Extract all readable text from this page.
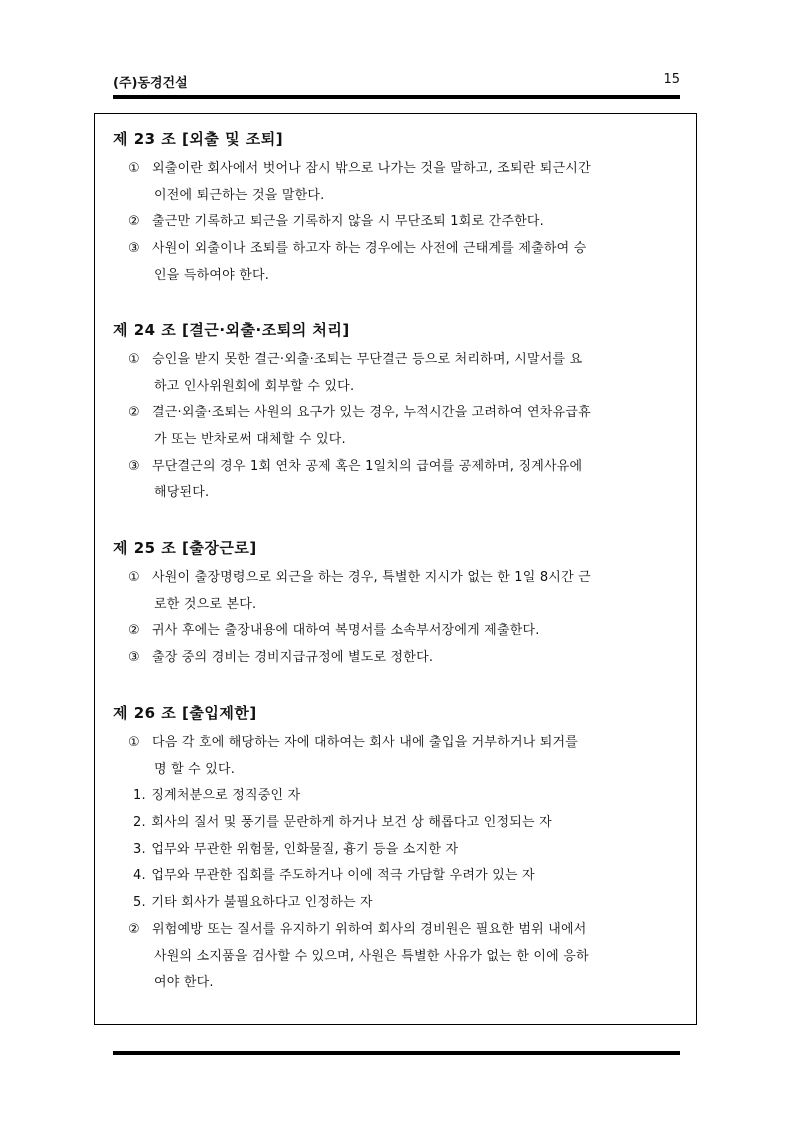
(주)동경건설	15
제 23 조 [외출 및 조퇴]
① 외출이란 회사에서 벗어나 잠시 밖으로 나가는 것을 말하고, 조퇴란 퇴근시간
이전에 퇴근하는 것을 말한다.
② 출근만 기록하고 퇴근을 기록하지 않을 시 무단조퇴 1회로 간주한다.
③ 사원이 외출이나 조퇴를 하고자 하는 경우에는 사전에 근태계를 제출하여 승
인을 득하여야 한다.
제 24 조 [결근·외출·조퇴의 처리]
① 승인을 받지 못한 결근·외출·조퇴는 무단결근 등으로 처리하며, 시말서를 요
하고 인사위원회에 회부할 수 있다.
② 결근·외출·조퇴는 사원의 요구가 있는 경우, 누적시간을 고려하여 연차유급휴
가 또는 반차로써 대체할 수 있다.
③ 무단결근의 경우 1회 연차 공제 혹은 1일치의 급여를 공제하며, 징계사유에
해당된다.
제 25 조 [출장근로]
① 사원이 출장명령으로 외근을 하는 경우, 특별한 지시가 없는 한 1일 8시간 근
로한 것으로 본다.
② 귀사 후에는 출장내용에 대하여 복명서를 소속부서장에게 제출한다.
③ 출장 중의 경비는 경비지급규정에 별도로 정한다.
제 26 조 [출입제한]
① 다음 각 호에 해당하는 자에 대하여는 회사 내에 출입을 거부하거나 퇴거를
명 할 수 있다.
1. 징계처분으로 정직중인 자
2. 회사의 질서 및 풍기를 문란하게 하거나 보건 상 해롭다고 인정되는 자
3. 업무와 무관한 위험물, 인화물질, 흉기 등을 소지한 자
4. 업무와 무관한 집회를 주도하거나 이에 적극 가담할 우려가 있는 자
5. 기타 회사가 불필요하다고 인정하는 자
② 위험예방 또는 질서를 유지하기 위하여 회사의 경비원은 필요한 범위 내에서
사원의 소지품을 검사할 수 있으며, 사원은 특별한 사유가 없는 한 이에 응하
여야 한다.
